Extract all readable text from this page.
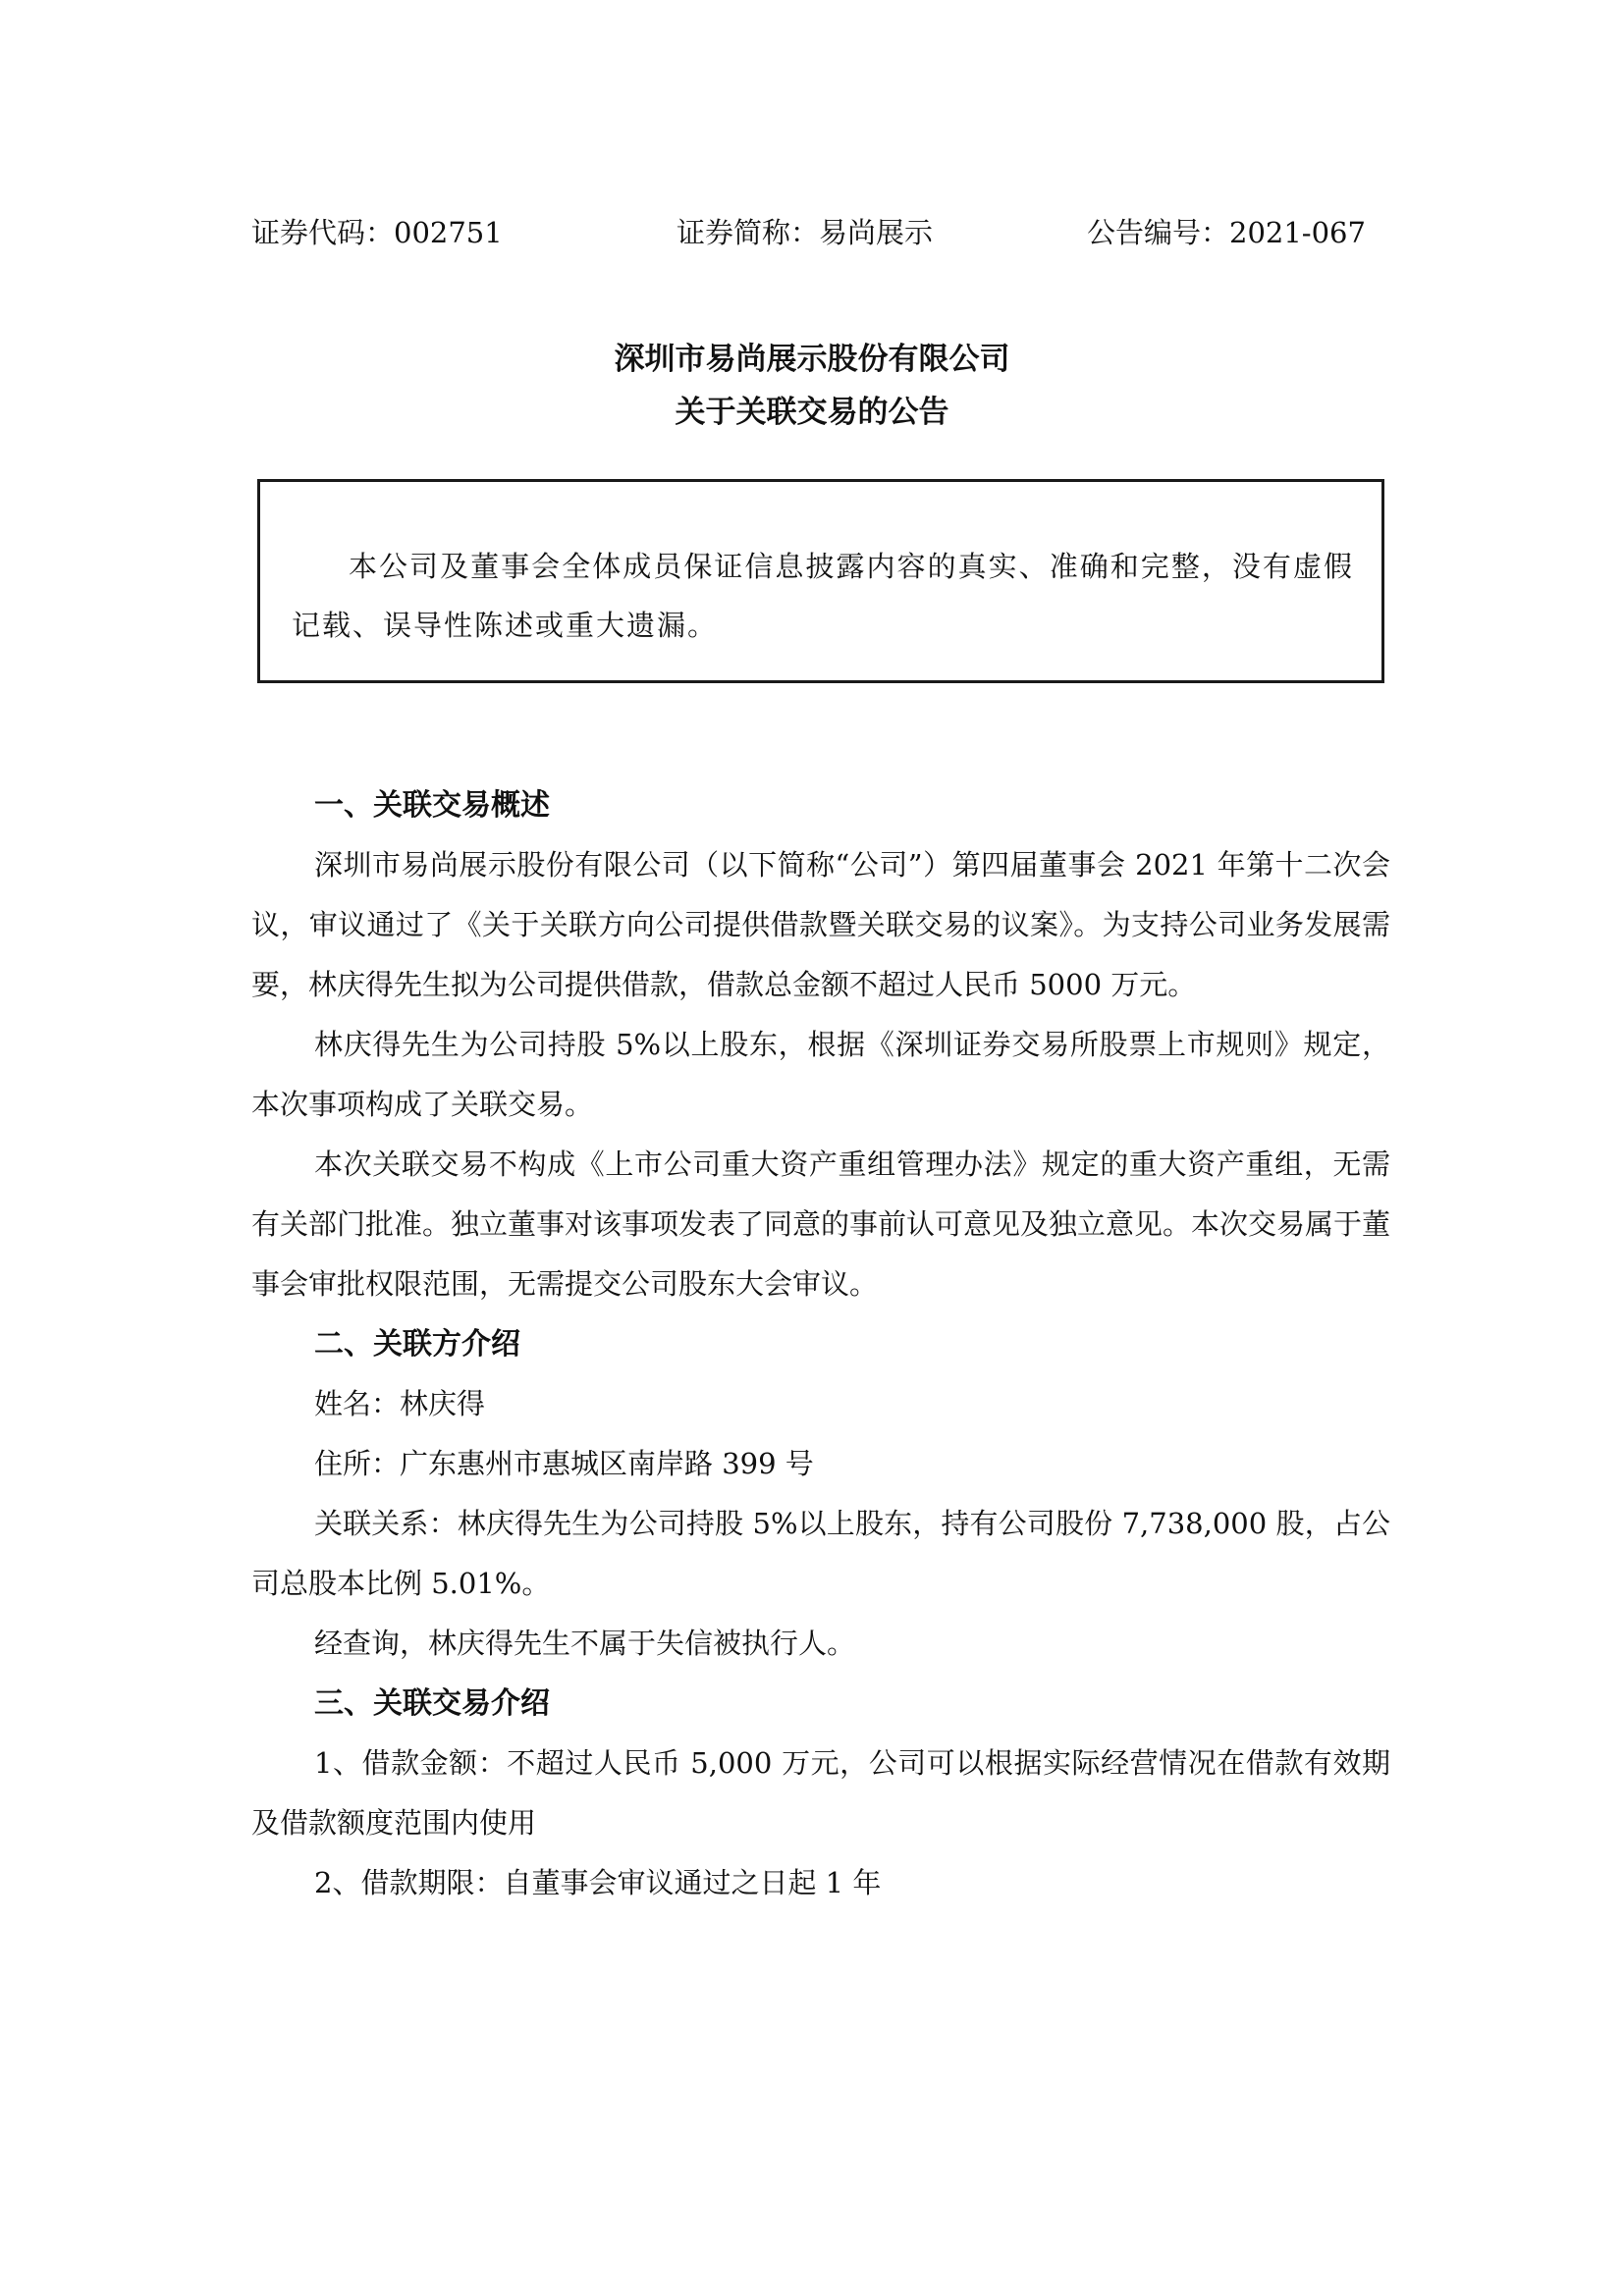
证券代码：002751	证券简称：易尚展示	公告编号：2021-067
深圳市易尚展示股份有限公司
关于关联交易的公告

本公司及董事会全体成员保证信息披露内容的真实、准确和完整，没有虚假记载、误导性陈述或重大遗漏。

一、关联交易概述

深圳市易尚展示股份有限公司（以下简称“公司”）第四届董事会 2021 年第十二次会议，审议通过了《关于关联方向公司提供借款暨关联交易的议案》。为支持公司业务发展需要，林庆得先生拟为公司提供借款，借款总金额不超过人民币 5000 万元。

林庆得先生为公司持股 5%以上股东，根据《深圳证券交易所股票上市规则》规定，本次事项构成了关联交易。

本次关联交易不构成《上市公司重大资产重组管理办法》规定的重大资产重组，无需有关部门批准。独立董事对该事项发表了同意的事前认可意见及独立意见。本次交易属于董事会审批权限范围，无需提交公司股东大会审议。

二、关联方介绍

姓名：林庆得

住所：广东惠州市惠城区南岸路 399 号

关联关系：林庆得先生为公司持股 5%以上股东，持有公司股份 7,738,000 股，占公司总股本比例 5.01%。

经查询，林庆得先生不属于失信被执行人。

三、关联交易介绍

1、借款金额：不超过人民币 5,000 万元，公司可以根据实际经营情况在借款有效期及借款额度范围内使用

2、借款期限：自董事会审议通过之日起 1 年
